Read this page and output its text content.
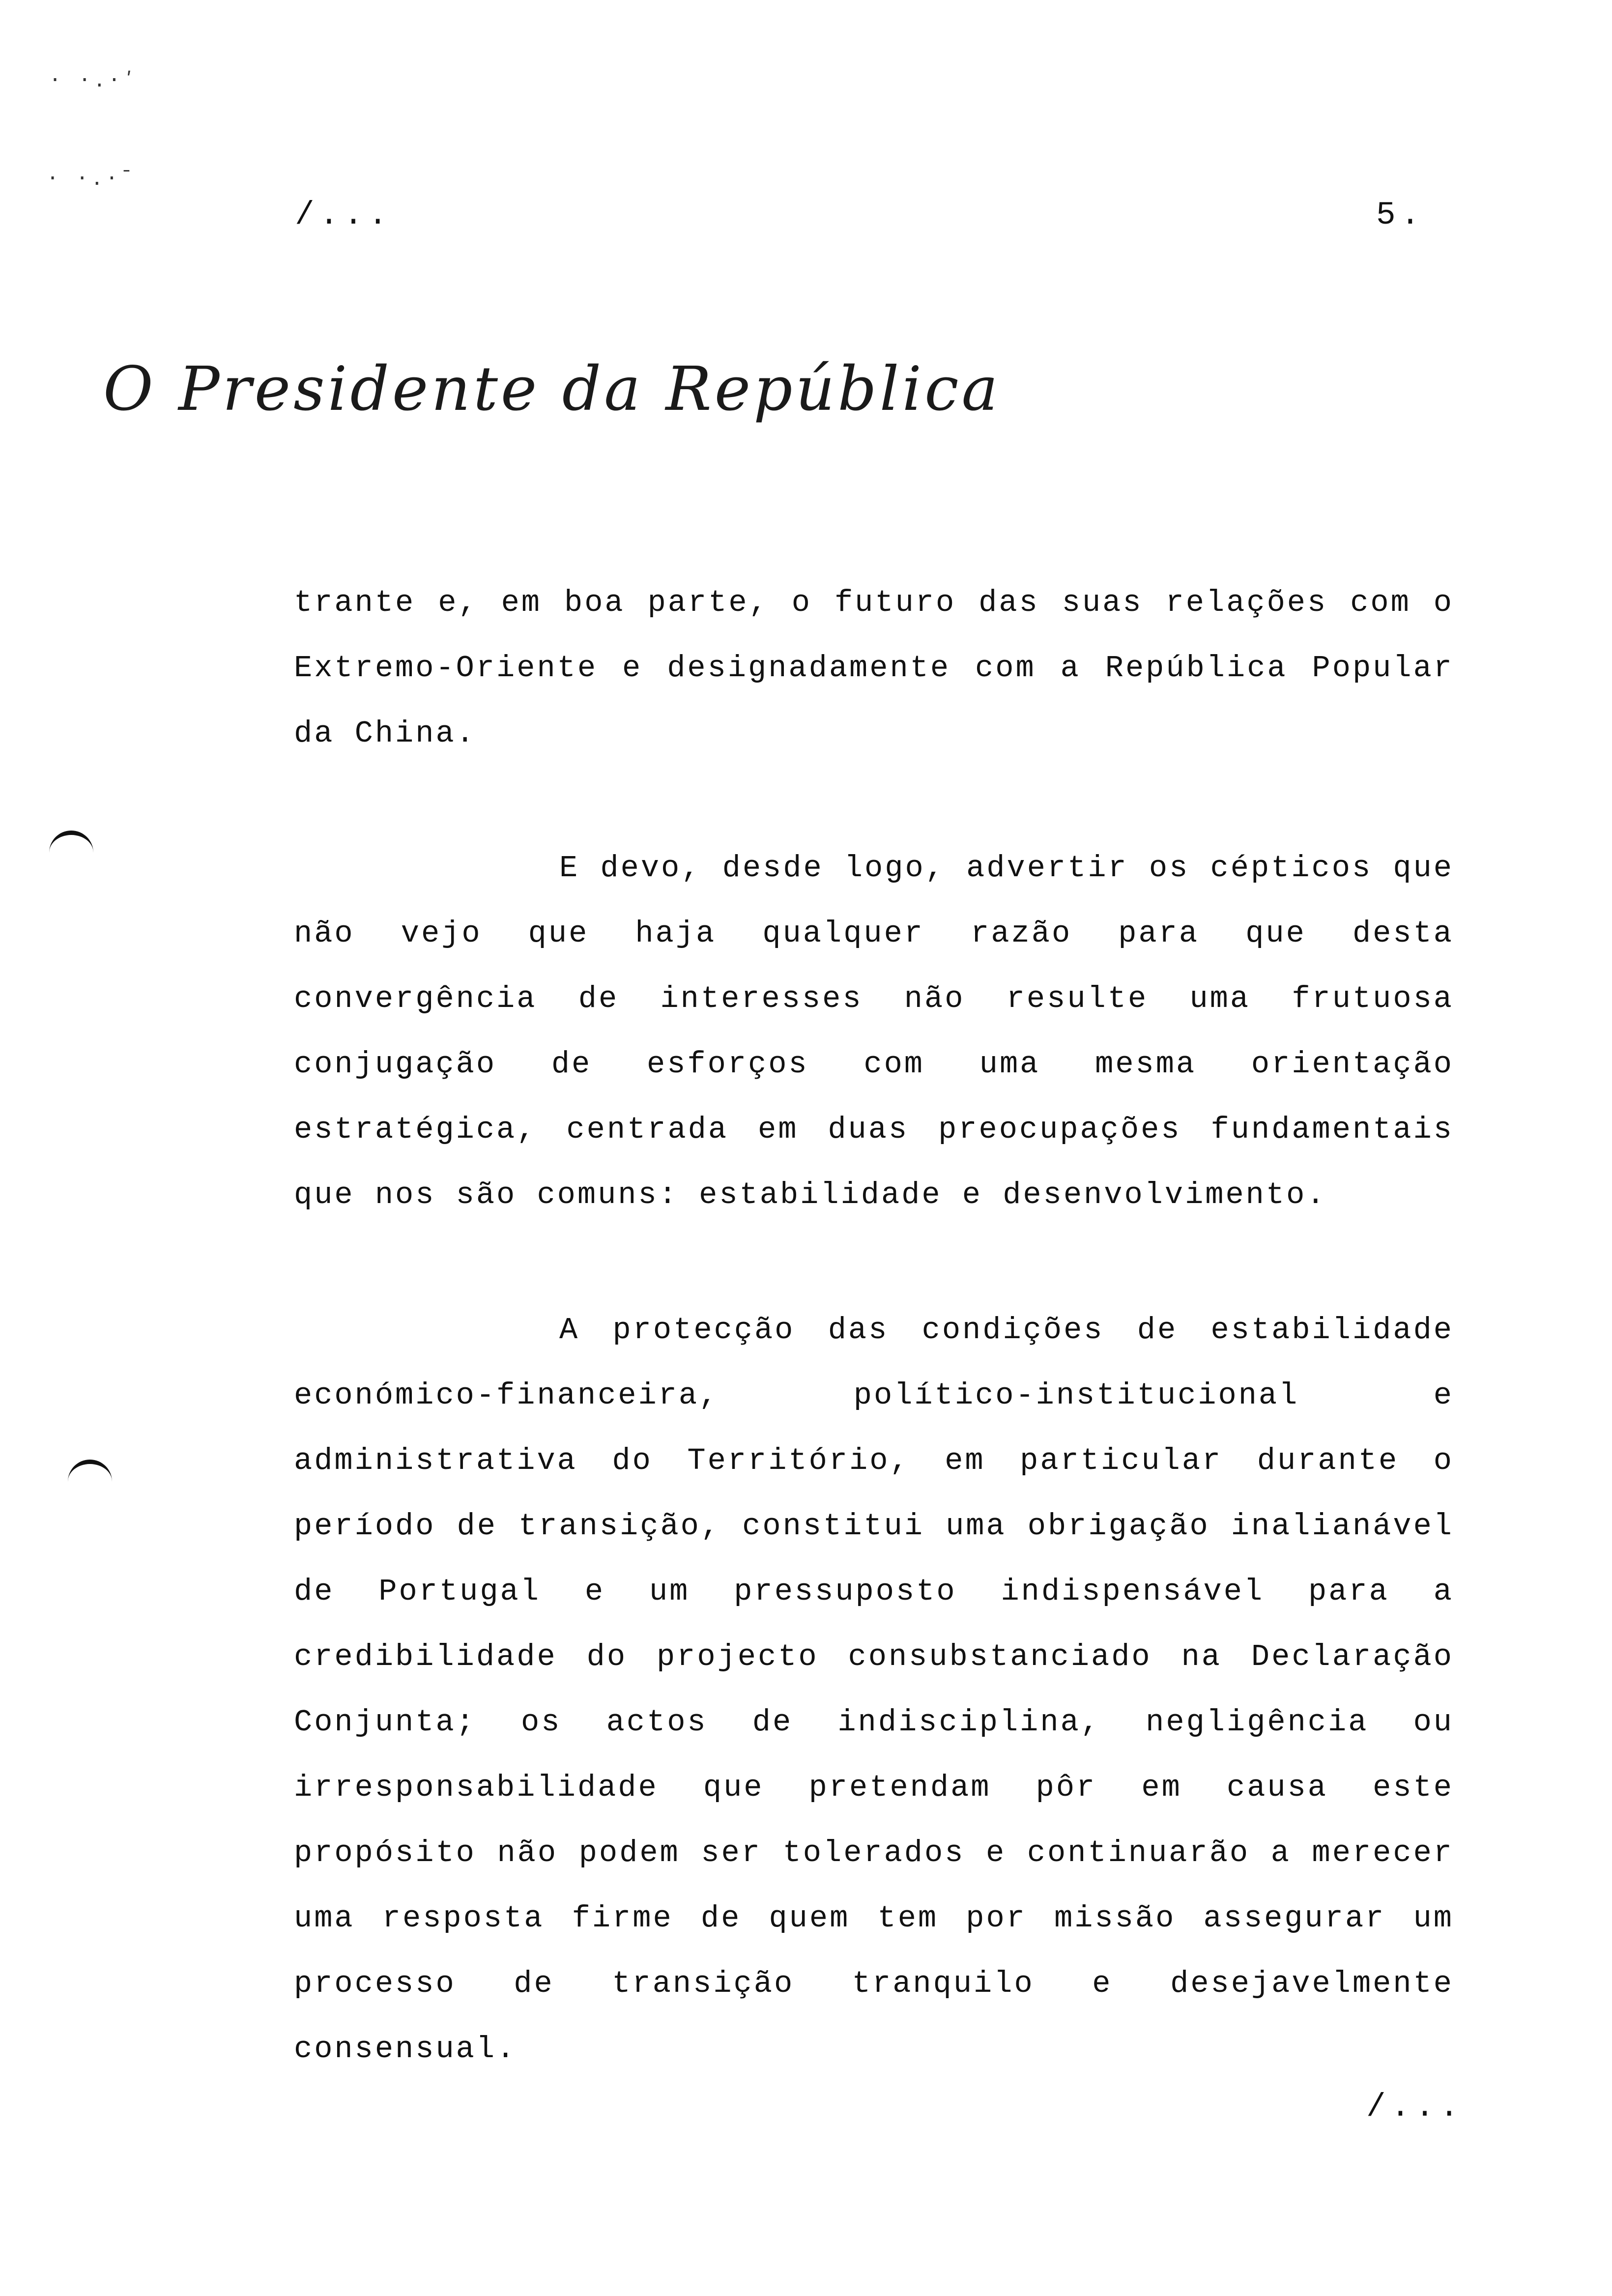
· ·.·ʹ
· ·.·ˉ
/...	5.
O Presidente da República

trante e, em boa parte, o futuro das suas relações com o Extremo-Oriente e designadamente com a República Popular da China.

E devo, desde logo, advertir os cépticos que não vejo que haja qualquer razão para que desta convergência de interesses não resulte uma frutuosa conjugação de esforços com uma mesma orientação estratégica, centrada em duas preocupações fundamentais que nos são comuns: estabilidade e desenvolvimento.

A protecção das condições de estabilidade económico-financeira, político-institucional e administrativa do Território, em particular durante o período de transição, constitui uma obrigação inalianável de Portugal e um pressuposto indispensável para a credibilidade do projecto consubstanciado na Declaração Conjunta; os actos de indisciplina, negligência ou irresponsabilidade que pretendam pôr em causa este propósito não podem ser tolerados e continuarão a merecer uma resposta firme de quem tem por missão assegurar um processo de transição tranquilo e desejavelmente consensual.

/...
